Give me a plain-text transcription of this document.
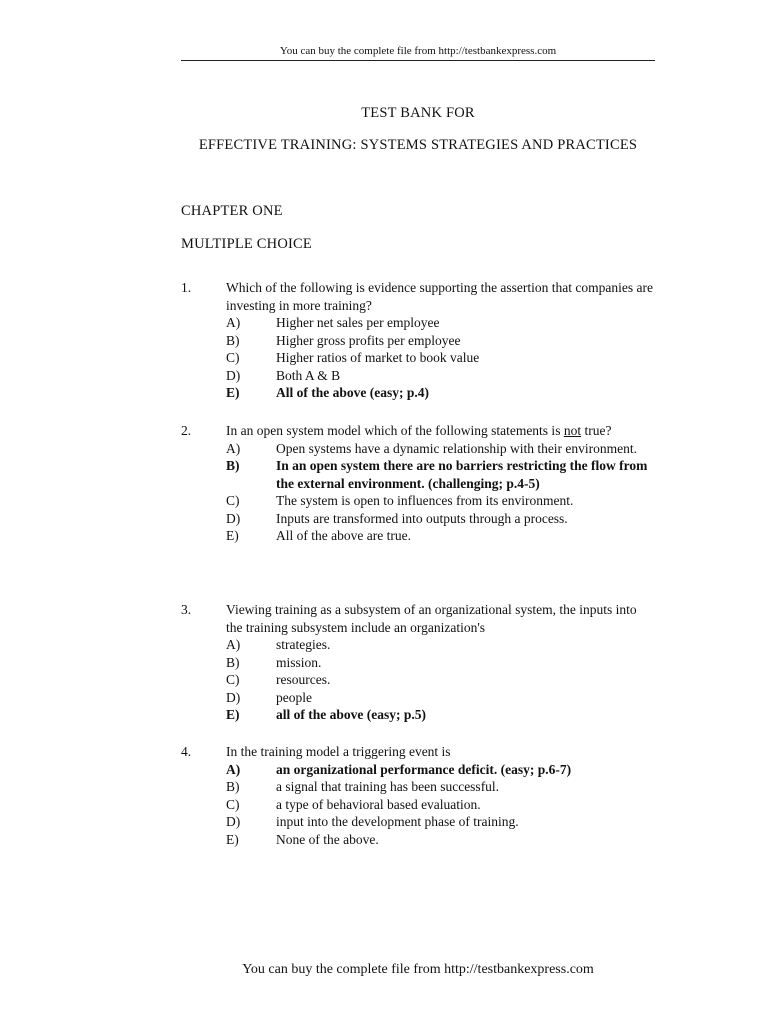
You can buy the complete file from http://testbankexpress.com
TEST BANK FOR
EFFECTIVE TRAINING: SYSTEMS STRATEGIES AND PRACTICES
CHAPTER ONE
MULTIPLE CHOICE
1.	Which of the following is evidence supporting the assertion that companies are investing in more training?
A)	Higher net sales per employee
B)	Higher gross profits per employee
C)	Higher ratios of market to book value
D)	Both A & B
E)	All of the above (easy; p.4)
2.	In an open system model which of the following statements is not true?
A)	Open systems have a dynamic relationship with their environment.
B)	In an open system there are no barriers restricting the flow from the external environment. (challenging; p.4-5)
C)	The system is open to influences from its environment.
D)	Inputs are transformed into outputs through a process.
E)	All of the above are true.
3.	Viewing training as a subsystem of an organizational system, the inputs into the training subsystem include an organization's
A)	strategies.
B)	mission.
C)	resources.
D)	people
E)	all of the above (easy; p.5)
4.	In the training model a triggering event is
A)	an organizational performance deficit. (easy; p.6-7)
B)	a signal that training has been successful.
C)	a type of behavioral based evaluation.
D)	input into the development phase of training.
E)	None of the above.
You can buy the complete file from http://testbankexpress.com
